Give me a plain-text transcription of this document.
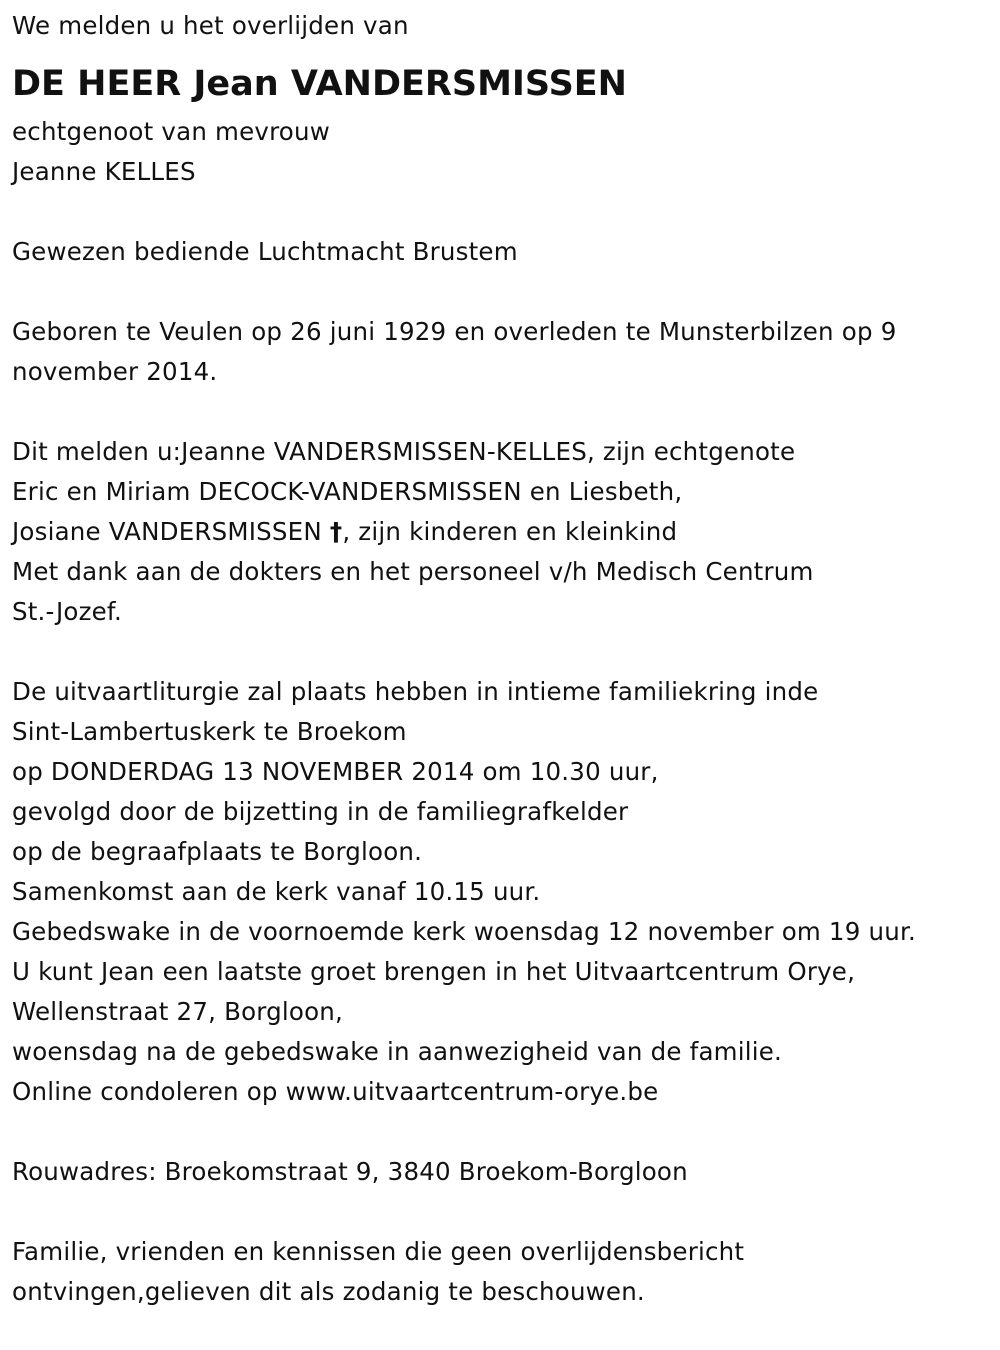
We melden u het overlijden van
DE HEER Jean VANDERSMISSEN
echtgenoot van mevrouw
Jeanne KELLES
Gewezen bediende Luchtmacht Brustem
Geboren te Veulen op 26 juni 1929 en overleden te Munsterbilzen op 9
november 2014.
Dit melden u:Jeanne VANDERSMISSEN-KELLES, zijn echtgenote
Eric en Miriam DECOCK-VANDERSMISSEN en Liesbeth,
Josiane VANDERSMISSEN †, zijn kinderen en kleinkind
Met dank aan de dokters en het personeel v/h Medisch Centrum
St.-Jozef.
De uitvaartliturgie zal plaats hebben in intieme familiekring inde
Sint-Lambertuskerk te Broekom
op DONDERDAG 13 NOVEMBER 2014 om 10.30 uur,
gevolgd door de bijzetting in de familiegrafkelder
op de begraafplaats te Borgloon.
Samenkomst aan de kerk vanaf 10.15 uur.
Gebedswake in de voornoemde kerk woensdag 12 november om 19 uur.
U kunt Jean een laatste groet brengen in het Uitvaartcentrum Orye,
Wellenstraat 27, Borgloon,
woensdag na de gebedswake in aanwezigheid van de familie.
Online condoleren op www.uitvaartcentrum-orye.be
Rouwadres: Broekomstraat 9, 3840 Broekom-Borgloon
Familie, vrienden en kennissen die geen overlijdensbericht
ontvingen,gelieven dit als zodanig te beschouwen.
